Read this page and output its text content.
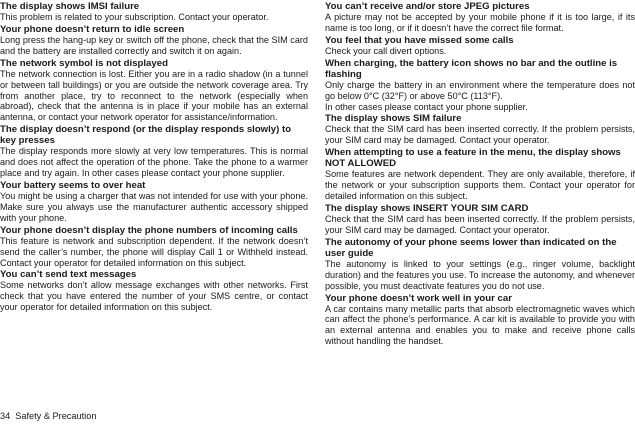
The display shows IMSI failure

This problem is related to your subscription. Contact your operator.

Your phone doesn’t return to idle screen

Long press the hang-up key or switch off the phone, check that the SIM card and the battery are installed correctly and switch it on again.

The network symbol is not displayed

The network connection is lost. Either you are in a radio shadow (in a tunnel or between tall buildings) or you are outside the network coverage area. Try from another place, try to reconnect to the network (especially when abroad), check that the antenna is in place if your mobile has an external antenna, or contact your network operator for assistance/information.

The display doesn’t respond (or the display responds slowly) to key presses

The display responds more slowly at very low temperatures. This is normal and does not affect the operation of the phone. Take the phone to a warmer place and try again. In other cases please contact your phone supplier.

Your battery seems to over heat

You might be using a charger that was not intended for use with your phone. Make sure you always use the manufacturer authentic accessory shipped with your phone.

Your phone doesn’t display the phone numbers of incoming calls

This feature is network and subscription dependent. If the network doesn’t send the caller’s number, the phone will display Call 1 or Withheld instead. Contact your operator for detailed information on this subject.

You can’t send text messages

Some networks don’t allow message exchanges with other networks. First check that you have entered the number of your SMS centre, or contact your operator for detailed information on this subject.

You can’t receive and/or store JPEG pictures

A picture may not be accepted by your mobile phone if it is too large, if its name is too long, or if it doesn’t have the correct file format.

You feel that you have missed some calls

Check your call divert options.

When charging, the battery icon shows no bar and the outline is flashing

Only charge the battery in an environment where the temperature does not go below 0°C (32°F) or above 50°C (113°F).

In other cases please contact your phone supplier.

The display shows SIM failure

Check that the SIM card has been inserted correctly. If the problem persists, your SIM card may be damaged. Contact your operator.

When attempting to use a feature in the menu, the display shows NOT ALLOWED

Some features are network dependent. They are only available, therefore, if the network or your subscription supports them. Contact your operator for detailed information on this subject.

The display shows INSERT YOUR SIM CARD

Check that the SIM card has been inserted correctly. If the problem persists, your SIM card may be damaged. Contact your operator.

The autonomy of your phone seems lower than indicated on the user guide

The autonomy is linked to your settings (e.g., ringer volume, backlight duration) and the features you use. To increase the autonomy, and whenever possible, you must deactivate features you do not use.

Your phone doesn’t work well in your car

A car contains many metallic parts that absorb electromagnetic waves which can affect the phone’s performance. A car kit is available to provide you with an external antenna and enables you to make and receive phone calls without handling the handset.

34 Safety & Precaution
